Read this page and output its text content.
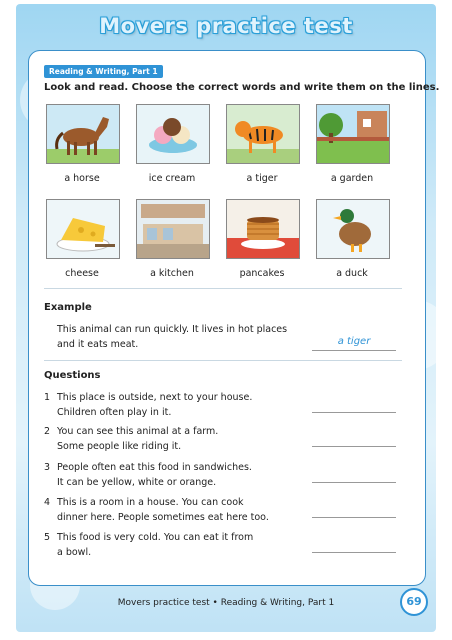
Movers practice test
Reading & Writing, Part 1
Look and read. Choose the correct words and write them on the lines.
a horse	ice cream	a tiger	a garden
cheese	a kitchen	pancakes	a duck
Example
This animal can run quickly. It lives in hot places
and it eats meat.	a tiger
Questions
1 This place is outside, next to your house.
Children often play in it.
2 You can see this animal at a farm.
Some people like riding it.
3 People often eat this food in sandwiches.
It can be yellow, white or orange.
4 This is a room in a house. You can cook
dinner here. People sometimes eat here too.
5 This food is very cold. You can eat it from
a bowl.
Movers practice test • Reading & Writing, Part 1	69
